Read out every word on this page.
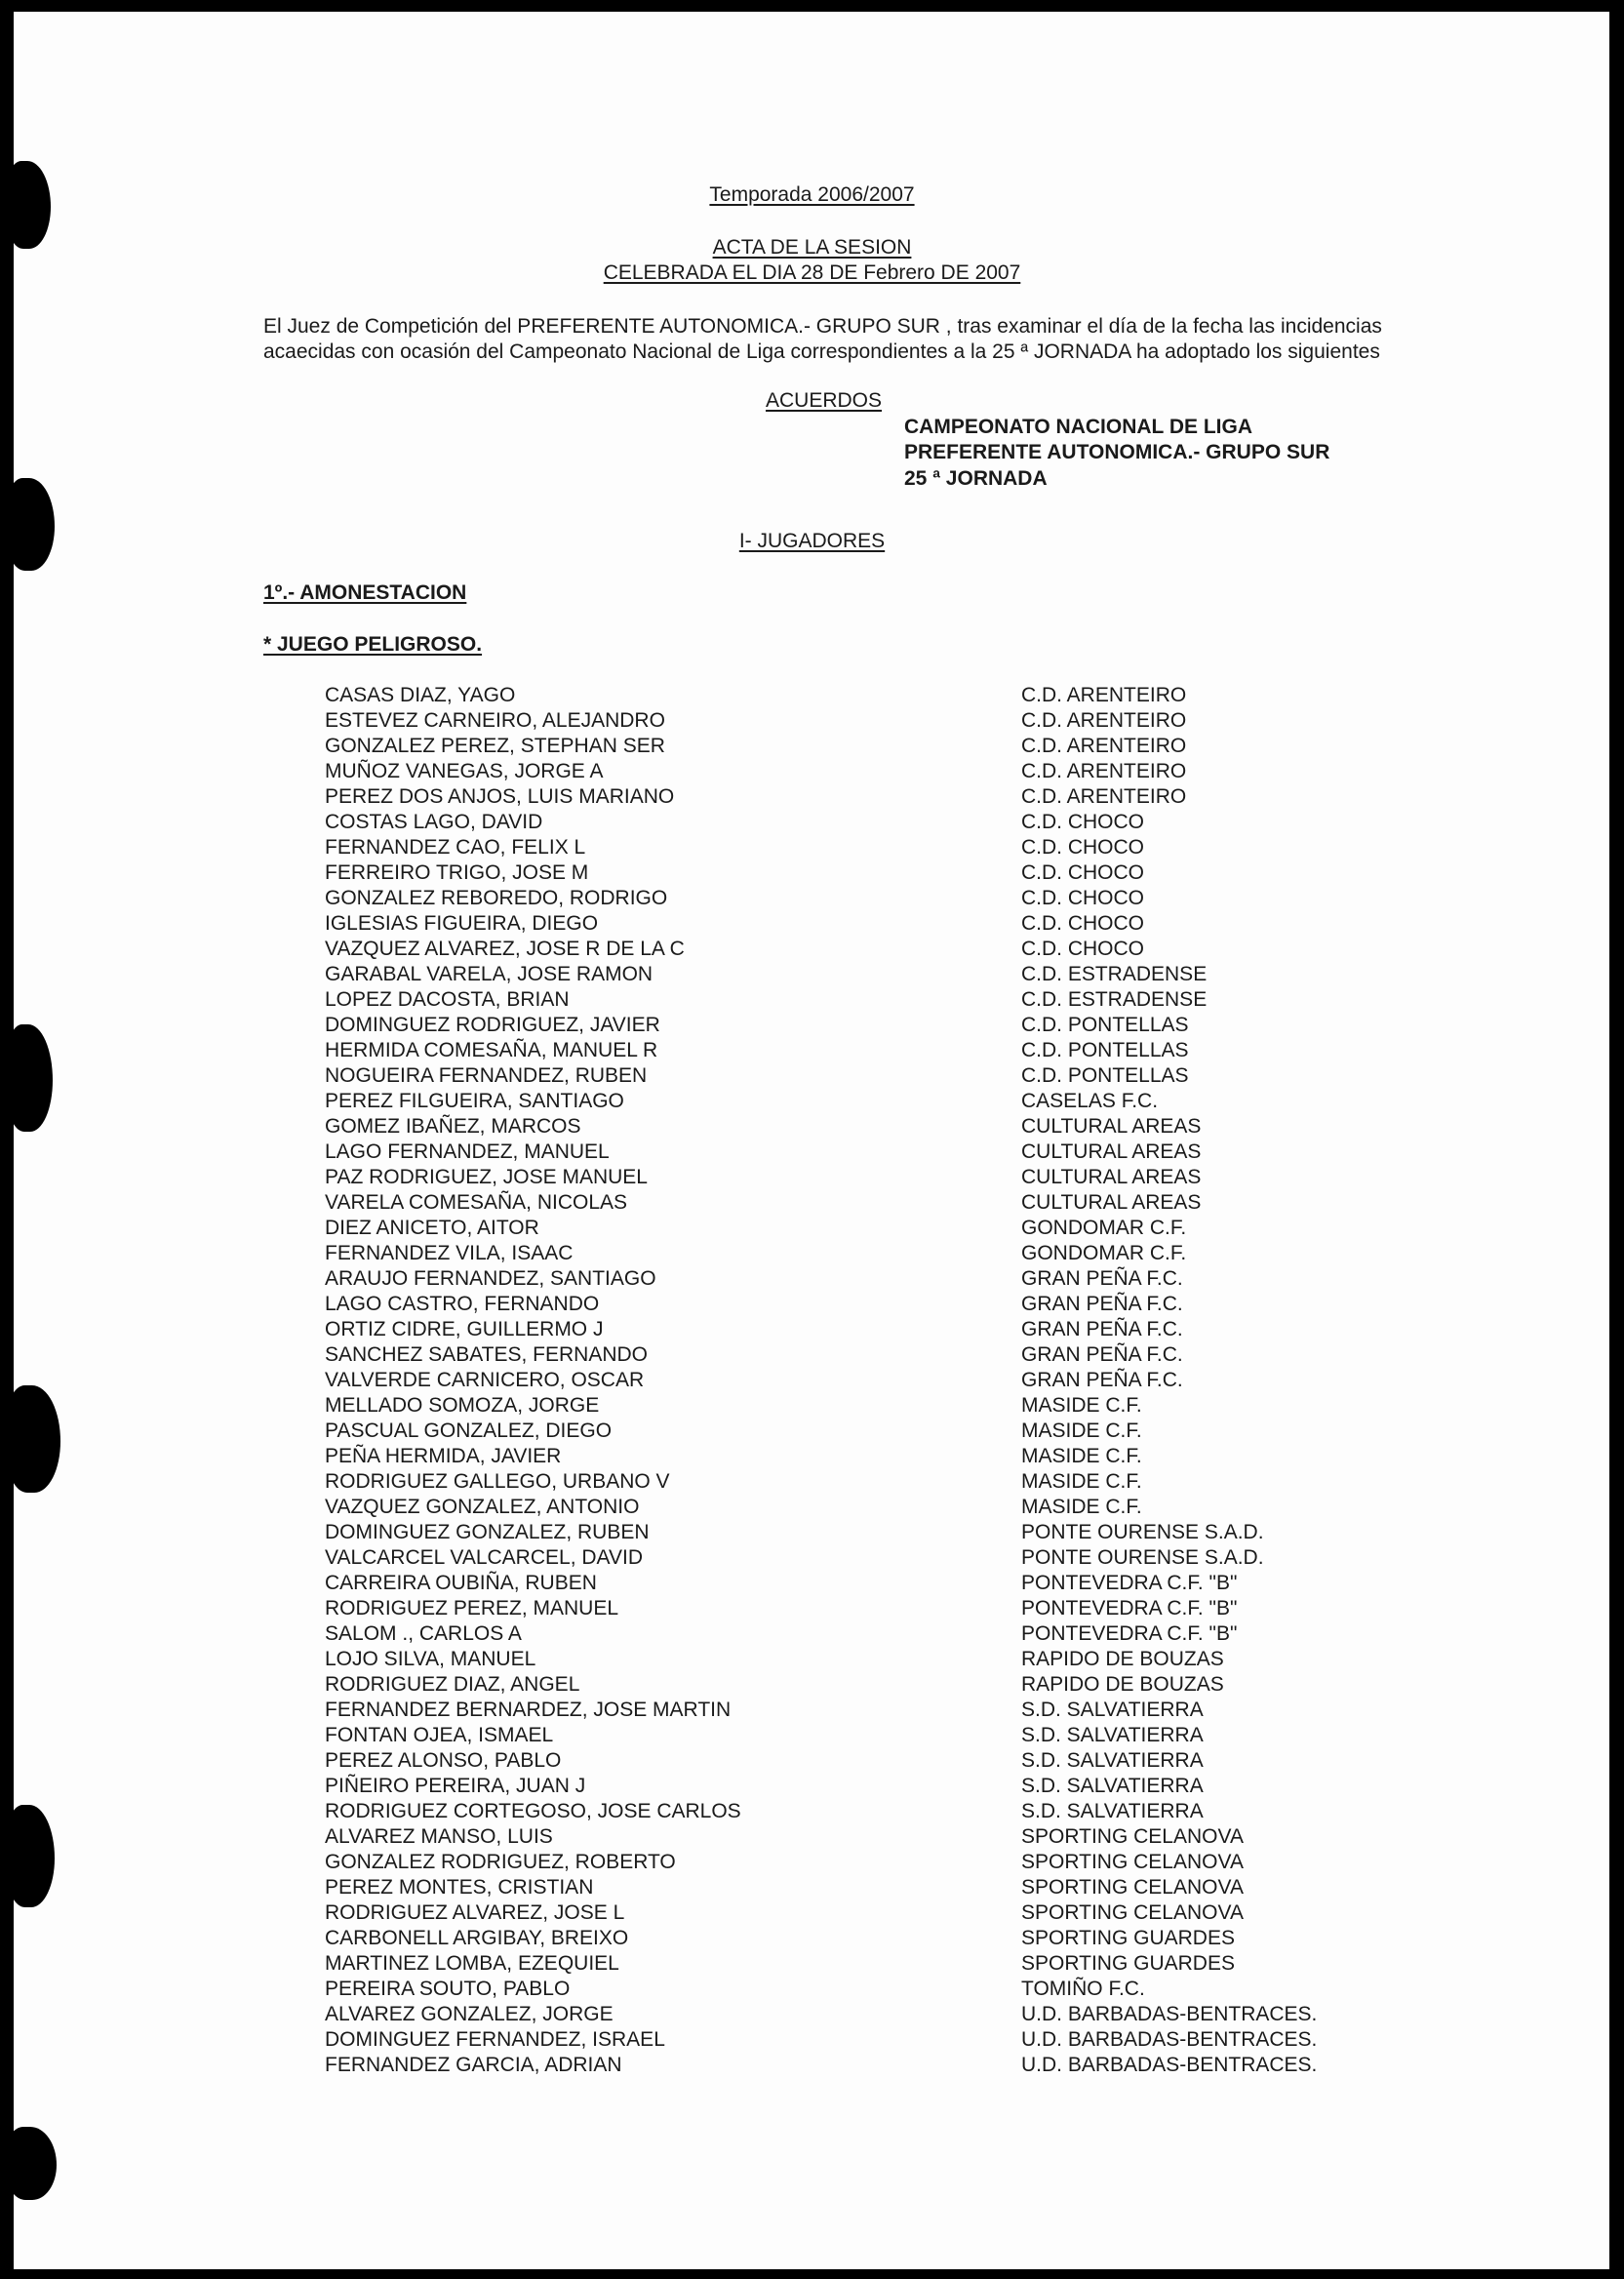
Temporada 2006/2007
ACTA DE LA SESION
CELEBRADA EL DIA 28 DE Febrero DE 2007
El Juez de Competición del PREFERENTE AUTONOMICA.- GRUPO SUR , tras examinar el día de la fecha las incidencias
acaecidas con ocasión del Campeonato Nacional de Liga correspondientes a la 25 ª JORNADA ha adoptado los siguientes
ACUERDOS
CAMPEONATO NACIONAL DE LIGA
PREFERENTE AUTONOMICA.- GRUPO SUR
25 ª JORNADA
I- JUGADORES
1º.- AMONESTACION
* JUEGO PELIGROSO.
CASAS DIAZ, YAGO	C.D. ARENTEIRO
ESTEVEZ CARNEIRO, ALEJANDRO	C.D. ARENTEIRO
GONZALEZ PEREZ, STEPHAN SER	C.D. ARENTEIRO
MUÑOZ VANEGAS, JORGE A	C.D. ARENTEIRO
PEREZ DOS ANJOS, LUIS MARIANO	C.D. ARENTEIRO
COSTAS LAGO, DAVID	C.D. CHOCO
FERNANDEZ CAO, FELIX L	C.D. CHOCO
FERREIRO TRIGO, JOSE M	C.D. CHOCO
GONZALEZ REBOREDO, RODRIGO	C.D. CHOCO
IGLESIAS FIGUEIRA, DIEGO	C.D. CHOCO
VAZQUEZ ALVAREZ, JOSE R DE LA C	C.D. CHOCO
GARABAL VARELA, JOSE RAMON	C.D. ESTRADENSE
LOPEZ DACOSTA, BRIAN	C.D. ESTRADENSE
DOMINGUEZ RODRIGUEZ, JAVIER	C.D. PONTELLAS
HERMIDA COMESAÑA, MANUEL R	C.D. PONTELLAS
NOGUEIRA FERNANDEZ, RUBEN	C.D. PONTELLAS
PEREZ FILGUEIRA, SANTIAGO	CASELAS F.C.
GOMEZ IBAÑEZ, MARCOS	CULTURAL AREAS
LAGO FERNANDEZ, MANUEL	CULTURAL AREAS
PAZ RODRIGUEZ, JOSE MANUEL	CULTURAL AREAS
VARELA COMESAÑA, NICOLAS	CULTURAL AREAS
DIEZ ANICETO, AITOR	GONDOMAR C.F.
FERNANDEZ VILA, ISAAC	GONDOMAR C.F.
ARAUJO FERNANDEZ, SANTIAGO	GRAN PEÑA F.C.
LAGO CASTRO, FERNANDO	GRAN PEÑA F.C.
ORTIZ CIDRE, GUILLERMO J	GRAN PEÑA F.C.
SANCHEZ SABATES, FERNANDO	GRAN PEÑA F.C.
VALVERDE CARNICERO, OSCAR	GRAN PEÑA F.C.
MELLADO SOMOZA, JORGE	MASIDE C.F.
PASCUAL GONZALEZ, DIEGO	MASIDE C.F.
PEÑA HERMIDA, JAVIER	MASIDE C.F.
RODRIGUEZ GALLEGO, URBANO V	MASIDE C.F.
VAZQUEZ GONZALEZ, ANTONIO	MASIDE C.F.
DOMINGUEZ GONZALEZ, RUBEN	PONTE OURENSE S.A.D.
VALCARCEL VALCARCEL, DAVID	PONTE OURENSE S.A.D.
CARREIRA OUBIÑA, RUBEN	PONTEVEDRA C.F. "B"
RODRIGUEZ PEREZ, MANUEL	PONTEVEDRA C.F. "B"
SALOM ., CARLOS A	PONTEVEDRA C.F. "B"
LOJO SILVA, MANUEL	RAPIDO DE BOUZAS
RODRIGUEZ DIAZ, ANGEL	RAPIDO DE BOUZAS
FERNANDEZ BERNARDEZ, JOSE MARTIN	S.D. SALVATIERRA
FONTAN OJEA, ISMAEL	S.D. SALVATIERRA
PEREZ ALONSO, PABLO	S.D. SALVATIERRA
PIÑEIRO PEREIRA, JUAN J	S.D. SALVATIERRA
RODRIGUEZ CORTEGOSO, JOSE CARLOS	S.D. SALVATIERRA
ALVAREZ MANSO, LUIS	SPORTING CELANOVA
GONZALEZ RODRIGUEZ, ROBERTO	SPORTING CELANOVA
PEREZ MONTES, CRISTIAN	SPORTING CELANOVA
RODRIGUEZ ALVAREZ, JOSE L	SPORTING CELANOVA
CARBONELL ARGIBAY, BREIXO	SPORTING GUARDES
MARTINEZ LOMBA, EZEQUIEL	SPORTING GUARDES
PEREIRA SOUTO, PABLO	TOMIÑO F.C.
ALVAREZ GONZALEZ, JORGE	U.D. BARBADAS-BENTRACES.
DOMINGUEZ FERNANDEZ, ISRAEL	U.D. BARBADAS-BENTRACES.
FERNANDEZ GARCIA, ADRIAN	U.D. BARBADAS-BENTRACES.
